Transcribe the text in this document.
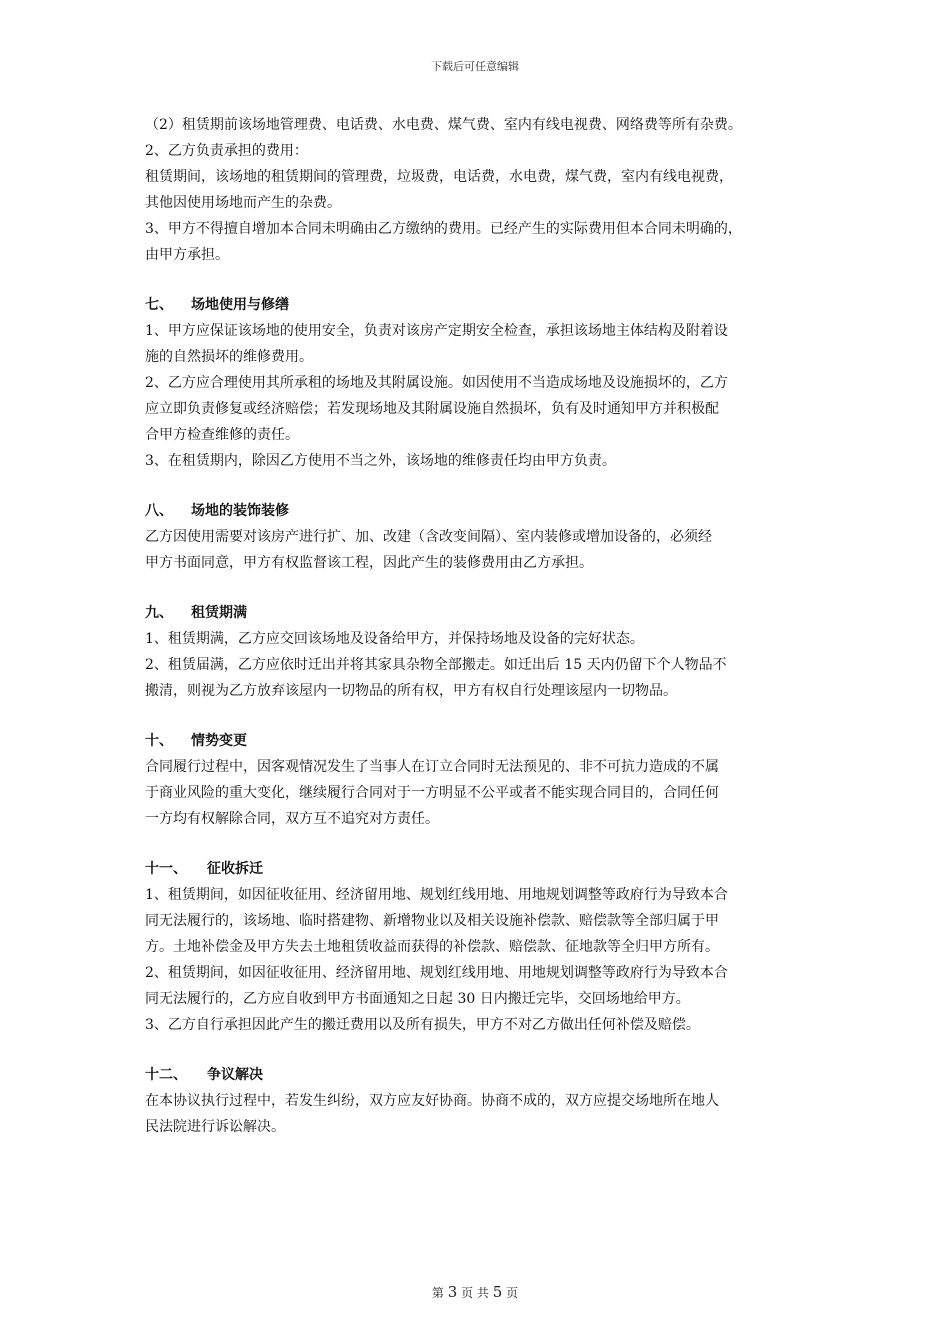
下载后可任意编辑

（2）租赁期前该场地管理费、电话费、水电费、煤气费、室内有线电视费、网络费等所有杂费。

2、乙方负责承担的费用：

租赁期间，该场地的租赁期间的管理费，垃圾费，电话费，水电费，煤气费，室内有线电视费，

其他因使用场地而产生的杂费。

3、甲方不得擅自增加本合同未明确由乙方缴纳的费用。已经产生的实际费用但本合同未明确的，

由甲方承担。

七、 场地使用与修缮

1、甲方应保证该场地的使用安全，负责对该房产定期安全检查，承担该场地主体结构及附着设

施的自然损坏的维修费用。

2、乙方应合理使用其所承租的场地及其附属设施。如因使用不当造成场地及设施损坏的，乙方

应立即负责修复或经济赔偿；若发现场地及其附属设施自然损坏，负有及时通知甲方并积极配

合甲方检查维修的责任。

3、在租赁期内，除因乙方使用不当之外，该场地的维修责任均由甲方负责。

八、 场地的装饰装修

乙方因使用需要对该房产进行扩、加、改建（含改变间隔）、室内装修或增加设备的，必须经

甲方书面同意，甲方有权监督该工程，因此产生的装修费用由乙方承担。

九、 租赁期满

1、租赁期满，乙方应交回该场地及设备给甲方，并保持场地及设备的完好状态。

2、租赁届满，乙方应依时迁出并将其家具杂物全部搬走。如迁出后 15 天内仍留下个人物品不

搬清，则视为乙方放弃该屋内一切物品的所有权，甲方有权自行处理该屋内一切物品。

十、 情势变更

合同履行过程中，因客观情况发生了当事人在订立合同时无法预见的、非不可抗力造成的不属

于商业风险的重大变化，继续履行合同对于一方明显不公平或者不能实现合同目的，合同任何

一方均有权解除合同，双方互不追究对方责任。

十一、 征收拆迁

1、租赁期间，如因征收征用、经济留用地、规划红线用地、用地规划调整等政府行为导致本合

同无法履行的，该场地、临时搭建物、新增物业以及相关设施补偿款、赔偿款等全部归属于甲

方。土地补偿金及甲方失去土地租赁收益而获得的补偿款、赔偿款、征地款等全归甲方所有。

2、租赁期间，如因征收征用、经济留用地、规划红线用地、用地规划调整等政府行为导致本合

同无法履行的，乙方应自收到甲方书面通知之日起 30 日内搬迁完毕，交回场地给甲方。

3、乙方自行承担因此产生的搬迁费用以及所有损失，甲方不对乙方做出任何补偿及赔偿。

十二、 争议解决

在本协议执行过程中，若发生纠纷，双方应友好协商。协商不成的，双方应提交场地所在地人

民法院进行诉讼解决。

第 3 页 共 5 页
